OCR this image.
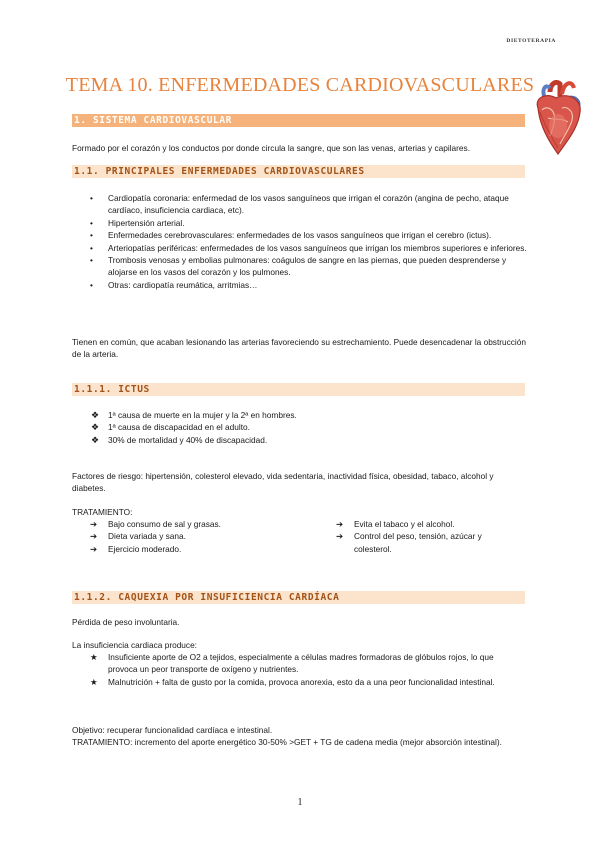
DIETOTERAPIA
TEMA 10. ENFERMEDADES CARDIOVASCULARES
1. SISTEMA CARDIOVASCULAR
Formado por el corazón y los conductos por donde circula la sangre, que son las venas, arterias y capilares.
1.1. PRINCIPALES ENFERMEDADES CARDIOVASCULARES
• Cardiopatía coronaria: enfermedad de los vasos sanguíneos que irrigan el corazón (angina de pecho, ataque cardíaco, insuficiencia cardiaca, etc).
• Hipertensión arterial.
• Enfermedades cerebrovasculares: enfermedades de los vasos sanguíneos que irrigan el cerebro (ictus).
• Arteriopatías periféricas: enfermedades de los vasos sanguíneos que irrigan los miembros superiores e inferiores.
• Trombosis venosas y embolias pulmonares: coágulos de sangre en las piernas, que pueden desprenderse y alojarse en los vasos del corazón y los pulmones.
• Otras: cardiopatía reumática, arritmias…
Tienen en común, que acaban lesionando las arterias favoreciendo su estrechamiento. Puede desencadenar la obstrucción de la arteria.
1.1.1. ICTUS
❖ 1ª causa de muerte en la mujer y la 2ª en hombres.
❖ 1ª causa de discapacidad en el adulto.
❖ 30% de mortalidad y 40% de discapacidad.
Factores de riesgo: hipertensión, colesterol elevado, vida sedentaria, inactividad física, obesidad, tabaco, alcohol y diabetes.
TRATAMIENTO:
➔ Bajo consumo de sal y grasas.
➔ Dieta variada y sana.
➔ Ejercicio moderado.
➔ Evita el tabaco y el alcohol.
➔ Control del peso, tensión, azúcar y colesterol.
1.1.2. CAQUEXIA POR INSUFICIENCIA CARDÍACA
Pérdida de peso involuntaria.
La insuficiencia cardiaca produce:
★ Insuficiente aporte de O2 a tejidos, especialmente a células madres formadoras de glóbulos rojos, lo que provoca un peor transporte de oxígeno y nutrientes.
★ Malnutrición + falta de gusto por la comida, provoca anorexia, esto da a una peor funcionalidad intestinal.
Objetivo: recuperar funcionalidad cardíaca e intestinal.
TRATAMIENTO: incremento del aporte energético 30-50% >GET + TG de cadena media (mejor absorción intestinal).
1
